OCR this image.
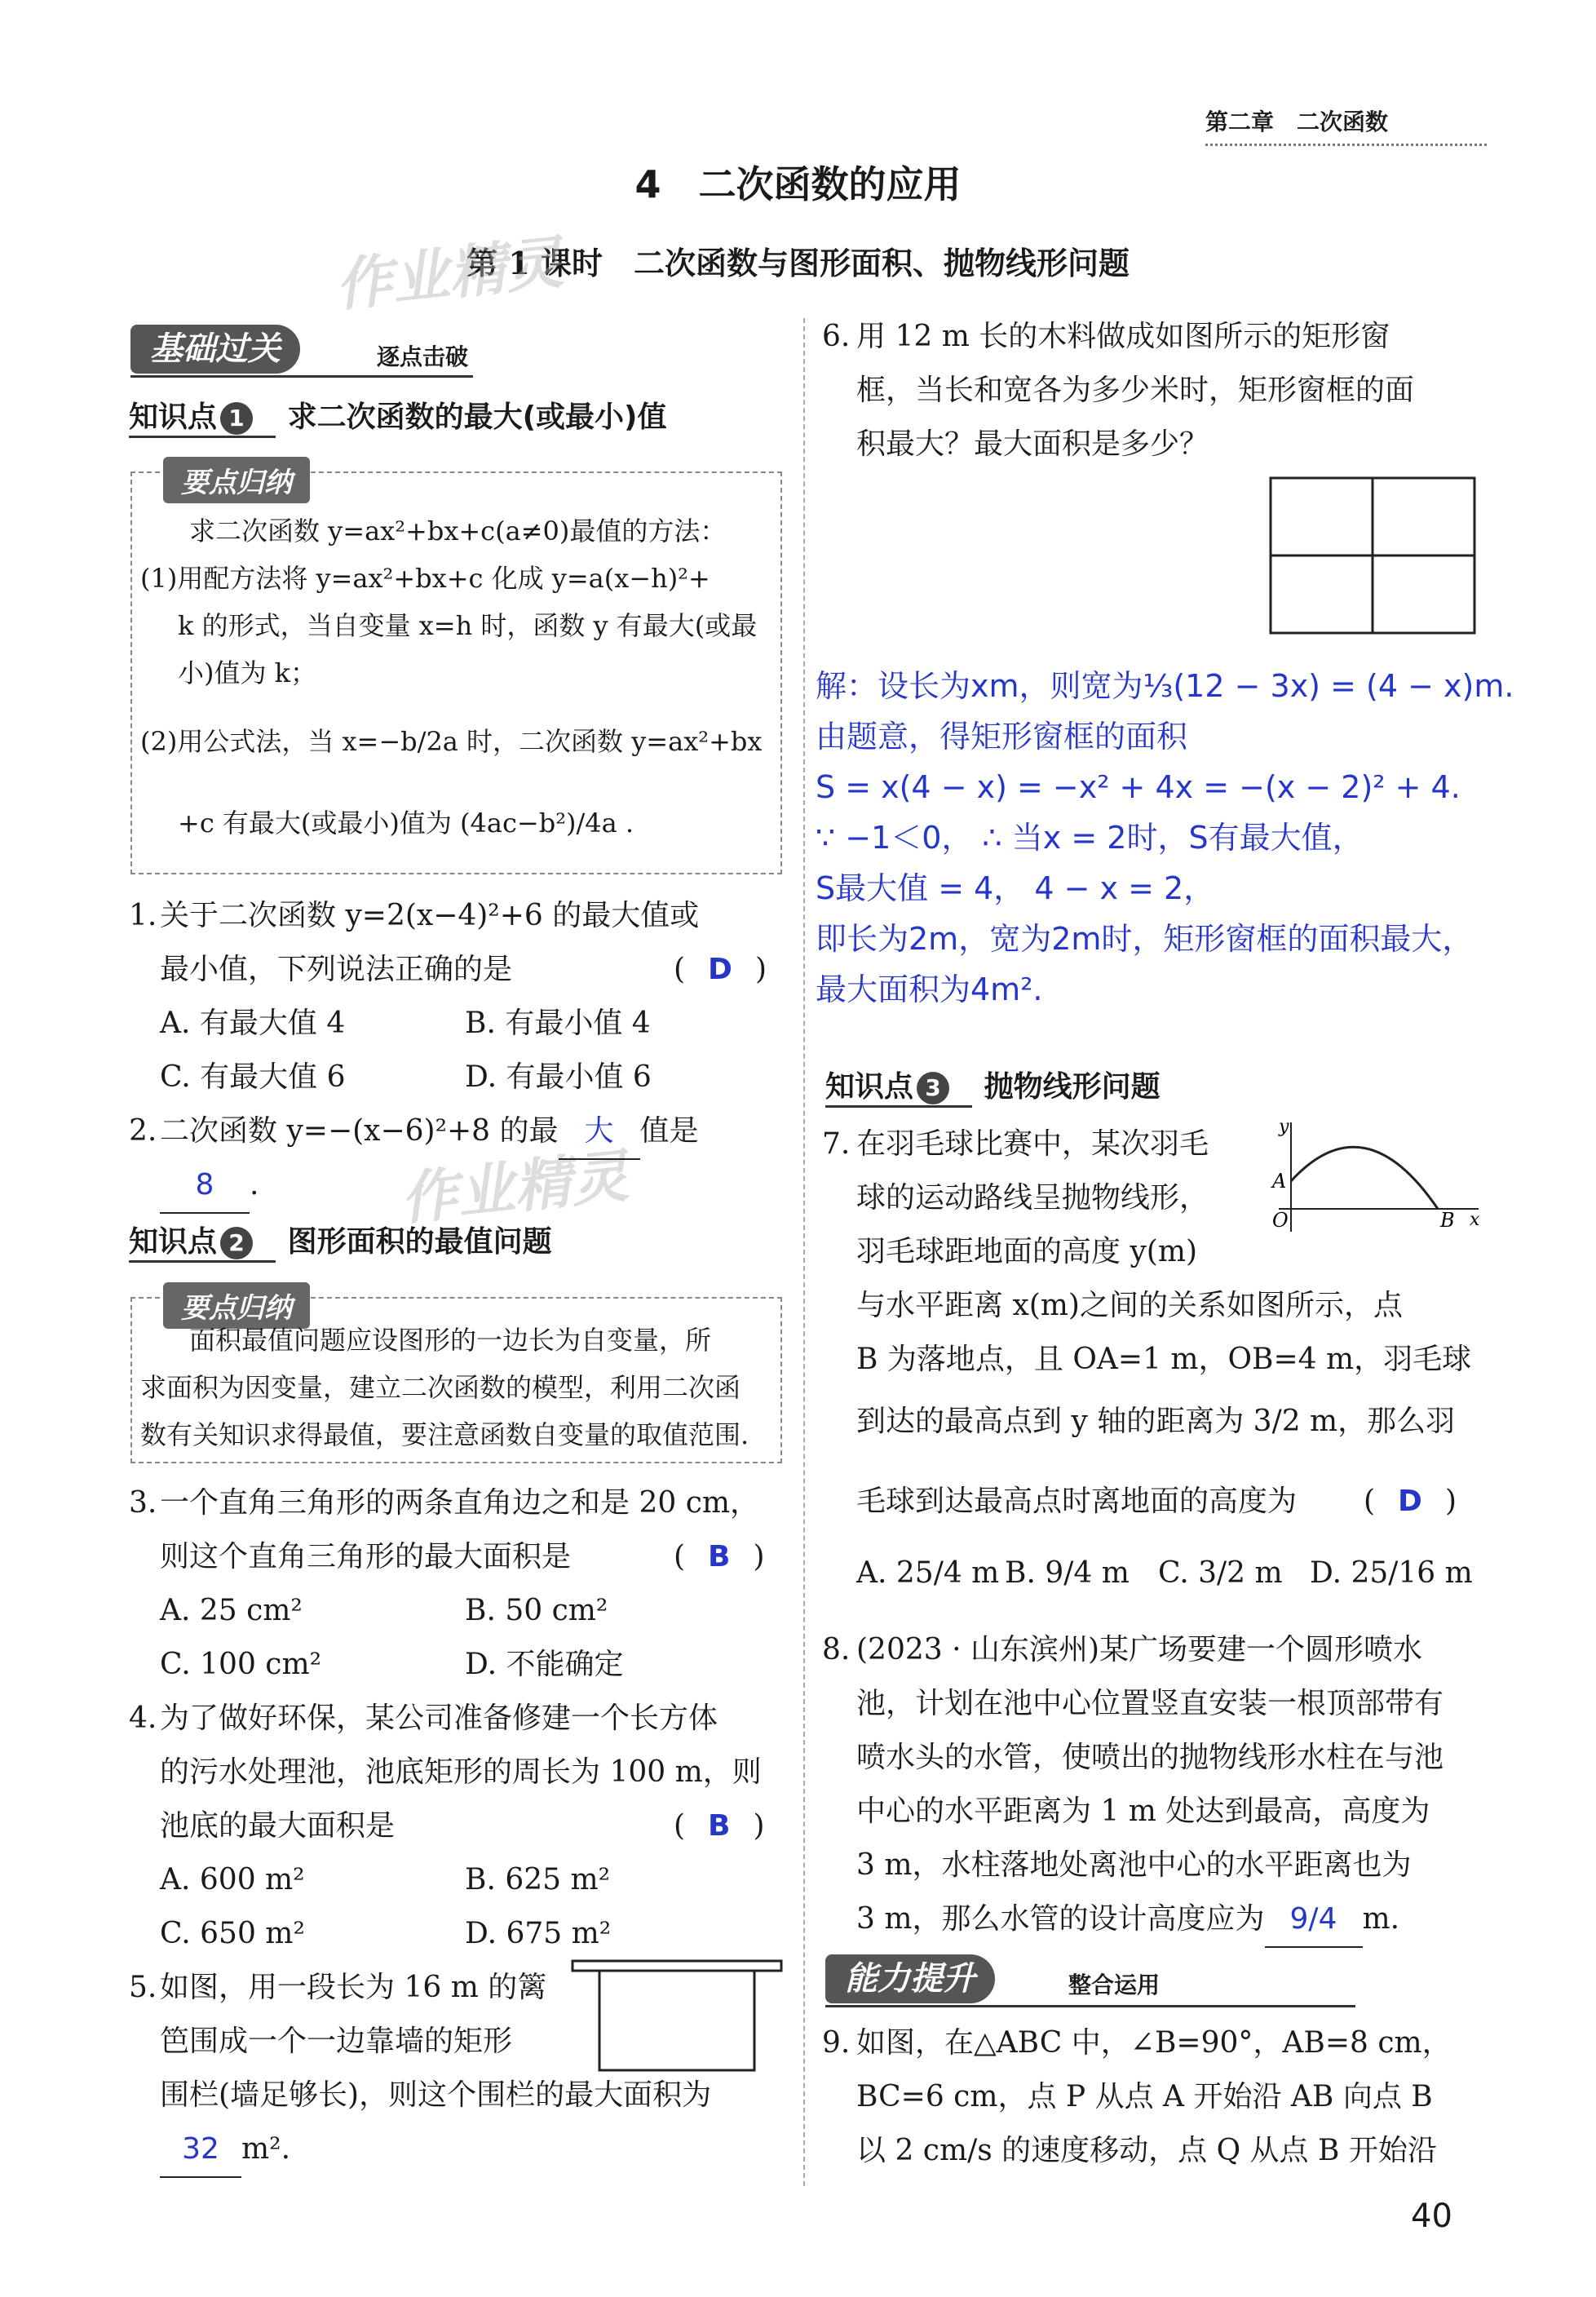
第二章　二次函数
4　二次函数的应用
第 1 课时　二次函数与图形面积、抛物线形问题
作业精灵
作业精灵
基础过关	逐点击破
知识点 1 求二次函数的最大(或最小)值
要点归纳
求二次函数 y=ax²+bx+c(a≠0)最值的方法：
(1)用配方法将 y=ax²+bx+c 化成 y=a(x−h)²+
k 的形式，当自变量 x=h 时，函数 y 有最大(或最
小)值为 k；
(2)用公式法，当 x=−b/2a 时，二次函数 y=ax²+bx
+c 有最大(或最小)值为 (4ac−b²)/4a .
1. 关于二次函数 y=2(x−4)²+6 的最大值或
最小值，下列说法正确的是	( D )
A. 有最大值 4	B. 有最小值 4
C. 有最大值 6	D. 有最小值 6
2. 二次函数 y=−(x−6)²+8 的最 大 值是
8 .
知识点 2 图形面积的最值问题
要点归纳
面积最值问题应设图形的一边长为自变量，所
求面积为因变量，建立二次函数的模型，利用二次函
数有关知识求得最值，要注意函数自变量的取值范围.
3. 一个直角三角形的两条直角边之和是 20 cm，
则这个直角三角形的最大面积是	( B )
A. 25 cm²	B. 50 cm²
C. 100 cm²	D. 不能确定
4. 为了做好环保，某公司准备修建一个长方体
的污水处理池，池底矩形的周长为 100 m，则
池底的最大面积是	( B )
A. 600 m²	B. 625 m²
C. 650 m²	D. 675 m²
5. 如图，用一段长为 16 m 的篱
笆围成一个一边靠墙的矩形
围栏(墙足够长)，则这个围栏的最大面积为
32 m².
6. 用 12 m 长的木料做成如图所示的矩形窗
框，当长和宽各为多少米时，矩形窗框的面
积最大？最大面积是多少？
解：设长为xm，则宽为⅓(12 − 3x) = (4 − x)m.
由题意，得矩形窗框的面积
S = x(4 − x) = −x² + 4x = −(x − 2)² + 4.
∵ −1＜0， ∴ 当x = 2时，S有最大值，
S最大值 = 4， 4 − x = 2，
即长为2m，宽为2m时，矩形窗框的面积最大，
最大面积为4m².
知识点 3 抛物线形问题
7. 在羽毛球比赛中，某次羽毛
球的运动路线呈抛物线形，
羽毛球距地面的高度 y(m)
与水平距离 x(m)之间的关系如图所示，点
B 为落地点，且 OA=1 m，OB=4 m，羽毛球
到达的最高点到 y 轴的距离为 3/2 m，那么羽
毛球到达最高点时离地面的高度为 ( D )
A. 25/4 m B. 9/4 m C. 3/2 m D. 25/16 m
y
x
A
O	B
8. (2023 · 山东滨州)某广场要建一个圆形喷水
池，计划在池中心位置竖直安装一根顶部带有
喷水头的水管，使喷出的抛物线形水柱在与池
中心的水平距离为 1 m 处达到最高，高度为
3 m，水柱落地处离池中心的水平距离也为
3 m，那么水管的设计高度应为 9/4 m.
能力提升	整合运用
9. 如图，在△ABC 中，∠B=90°，AB=8 cm，
BC=6 cm，点 P 从点 A 开始沿 AB 向点 B
以 2 cm/s 的速度移动，点 Q 从点 B 开始沿
40
